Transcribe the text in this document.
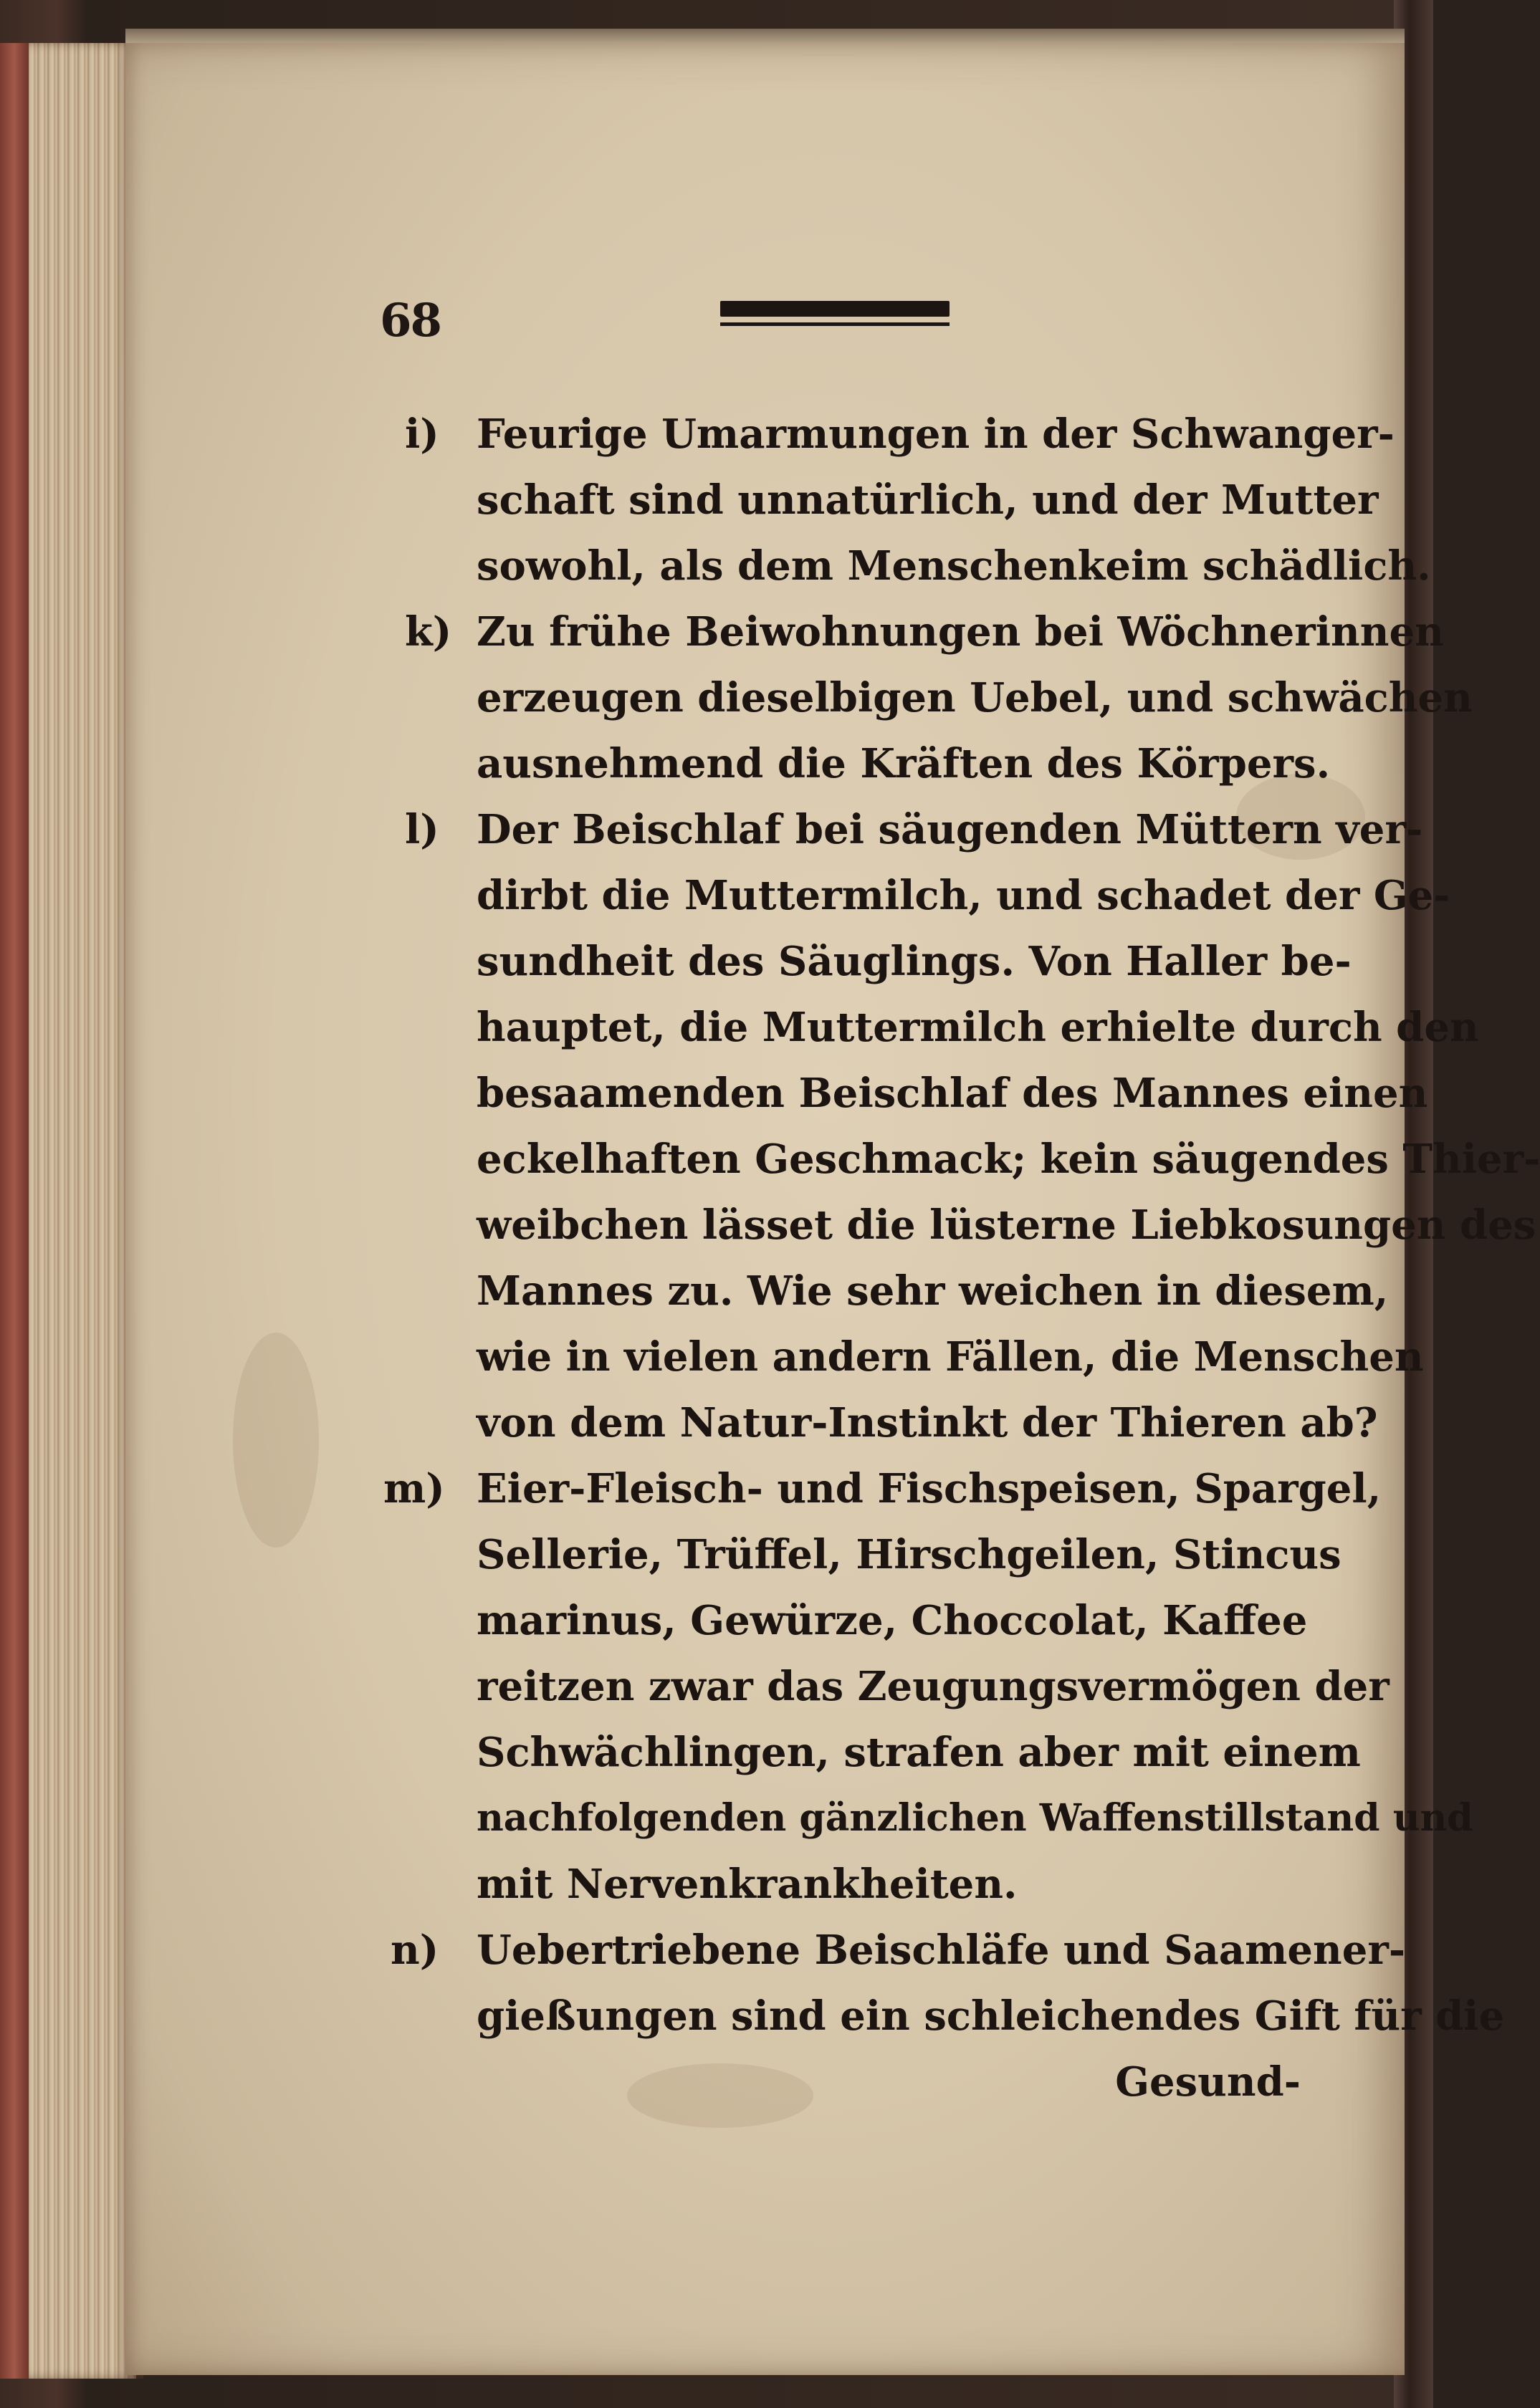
68
i) Feurige Umarmungen in der Schwanger-
schaft sind unnatürlich, und der Mutter
sowohl, als dem Menschenkeim schädlich.
k) Zu frühe Beiwohnungen bei Wöchnerinnen
erzeugen dieselbigen Uebel, und schwächen
ausnehmend die Kräften des Körpers.
l) Der Beischlaf bei säugenden Müttern ver-
dirbt die Muttermilch, und schadet der Ge-
sundheit des Säuglings. Von Haller be-
hauptet, die Muttermilch erhielte durch den
besaamenden Beischlaf des Mannes einen
eckelhaften Geschmack; kein säugendes Thier-
weibchen lässet die lüsterne Liebkosungen des
Mannes zu. Wie sehr weichen in diesem,
wie in vielen andern Fällen, die Menschen
von dem Natur-Instinkt der Thieren ab?
m) Eier-Fleisch- und Fischspeisen, Spargel,
Sellerie, Trüffel, Hirschgeilen, Stincus
marinus, Gewürze, Choccolat, Kaffee
reitzen zwar das Zeugungsvermögen der
Schwächlingen, strafen aber mit einem
nachfolgenden gänzlichen Waffenstillstand und
mit Nervenkrankheiten.
n) Uebertriebene Beischläfe und Saamener-
gießungen sind ein schleichendes Gift für die
Gesund-
